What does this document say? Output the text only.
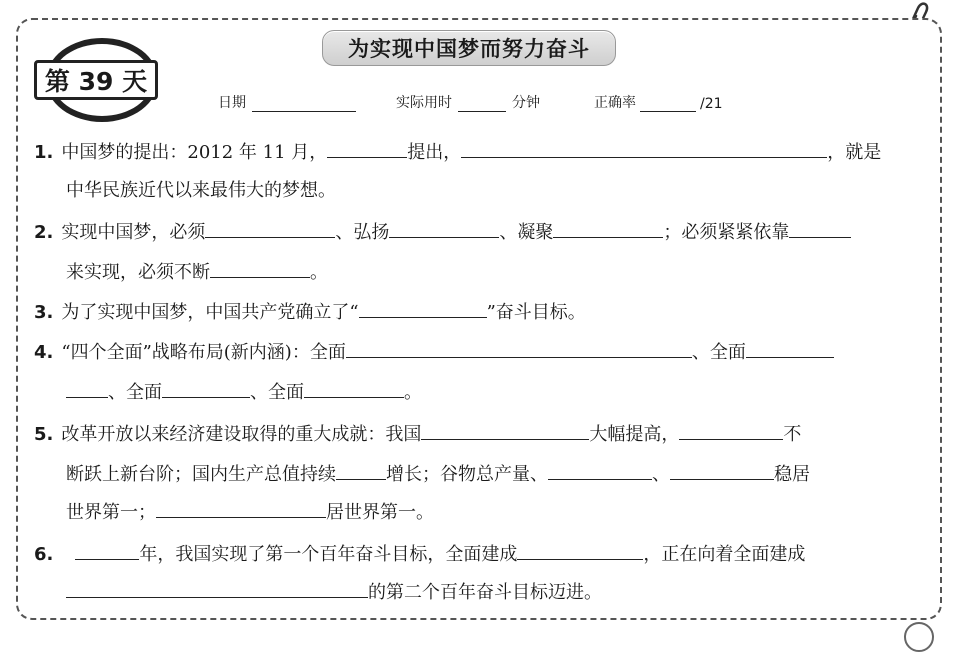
第 39 天
为实现中国梦而努力奋斗
日期	实际用时	分钟	正确率	/21
1. 中国梦的提出：2012 年 11 月，	提出，	，就是
中华民族近代以来最伟大的梦想。
2. 实现中国梦，必须	、弘扬	、凝聚	；必须紧紧依靠
来实现，必须不断	。
3. 为了实现中国梦，中国共产党确立了“	”奋斗目标。
4. “四个全面”战略布局(新内涵)：全面	、全面
、全面	、全面	。
5. 改革开放以来经济建设取得的重大成就：我国	大幅提高，	不
断跃上新台阶；国内生产总值持续	增长；谷物总产量、	、	稳居
世界第一；	居世界第一。
6.	年，我国实现了第一个百年奋斗目标，全面建成	，正在向着全面建成
的第二个百年奋斗目标迈进。
